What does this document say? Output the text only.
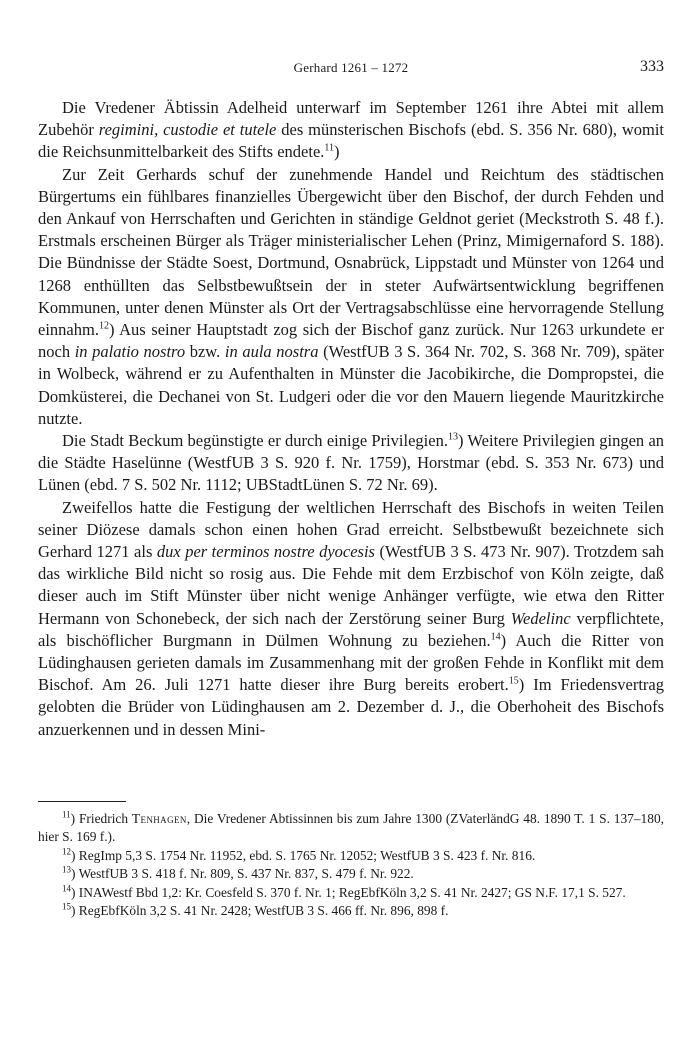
Gerhard 1261 – 1272	333

Die Vredener Äbtissin Adelheid unterwarf im September 1261 ihre Abtei mit allem Zubehör regimini, custodie et tutele des münsterischen Bischofs (ebd. S. 356 Nr. 680), womit die Reichsunmittelbarkeit des Stifts endete.$^{11}$)

Zur Zeit Gerhards schuf der zunehmende Handel und Reichtum des städtischen Bürgertums ein fühlbares finanzielles Übergewicht über den Bischof, der durch Fehden und den Ankauf von Herrschaften und Gerichten in ständige Geldnot geriet (Meckstroth S. 48 f.). Erstmals erscheinen Bürger als Träger ministerialischer Lehen (Prinz, Mimigernaford S. 188). Die Bündnisse der Städte Soest, Dortmund, Osnabrück, Lippstadt und Münster von 1264 und 1268 enthüllten das Selbstbewußtsein der in steter Aufwärtsentwicklung begriffenen Kommunen, unter denen Münster als Ort der Vertragsabschlüsse eine hervorragende Stellung einnahm.$^{12}$) Aus seiner Hauptstadt zog sich der Bischof ganz zurück. Nur 1263 urkundete er noch in palatio nostro bzw. in aula nostra (WestfUB 3 S. 364 Nr. 702, S. 368 Nr. 709), später in Wolbeck, während er zu Aufenthalten in Münster die Jacobikirche, die Dompropstei, die Domküsterei, die Dechanei von St. Ludgeri oder die vor den Mauern liegende Mauritzkirche nutzte.

Die Stadt Beckum begünstigte er durch einige Privilegien.$^{13}$) Weitere Privilegien gingen an die Städte Haselünne (WestfUB 3 S. 920 f. Nr. 1759), Horstmar (ebd. S. 353 Nr. 673) und Lünen (ebd. 7 S. 502 Nr. 1112; UBStadtLünen S. 72 Nr. 69).

Zweifellos hatte die Festigung der weltlichen Herrschaft des Bischofs in weiten Teilen seiner Diözese damals schon einen hohen Grad erreicht. Selbstbewußt bezeichnete sich Gerhard 1271 als dux per terminos nostre dyocesis (WestfUB 3 S. 473 Nr. 907). Trotzdem sah das wirkliche Bild nicht so rosig aus. Die Fehde mit dem Erzbischof von Köln zeigte, daß dieser auch im Stift Münster über nicht wenige Anhänger verfügte, wie etwa den Ritter Hermann von Schonebeck, der sich nach der Zerstörung seiner Burg Wedelinc verpflichtete, als bischöflicher Burgmann in Dülmen Wohnung zu beziehen.$^{14}$) Auch die Ritter von Lüdinghausen gerieten damals im Zusammenhang mit der großen Fehde in Konflikt mit dem Bischof. Am 26. Juli 1271 hatte dieser ihre Burg bereits erobert.$^{15}$) Im Friedensvertrag gelobten die Brüder von Lüdinghausen am 2. Dezember d. J., die Oberhoheit des Bischofs anzuerkennen und in dessen Mini-

$^{11}$) Friedrich Tenhagen, Die Vredener Abtissinnen bis zum Jahre 1300 (ZVaterländG 48. 1890 T. 1 S. 137–180, hier S. 169 f.).

$^{12}$) RegImp 5,3 S. 1754 Nr. 11952, ebd. S. 1765 Nr. 12052; WestfUB 3 S. 423 f. Nr. 816.

$^{13}$) WestfUB 3 S. 418 f. Nr. 809, S. 437 Nr. 837, S. 479 f. Nr. 922.

$^{14}$) INAWestf Bbd 1,2: Kr. Coesfeld S. 370 f. Nr. 1; RegEbfKöln 3,2 S. 41 Nr. 2427; GS N.F. 17,1 S. 527.

$^{15}$) RegEbfKöln 3,2 S. 41 Nr. 2428; WestfUB 3 S. 466 ff. Nr. 896, 898 f.
